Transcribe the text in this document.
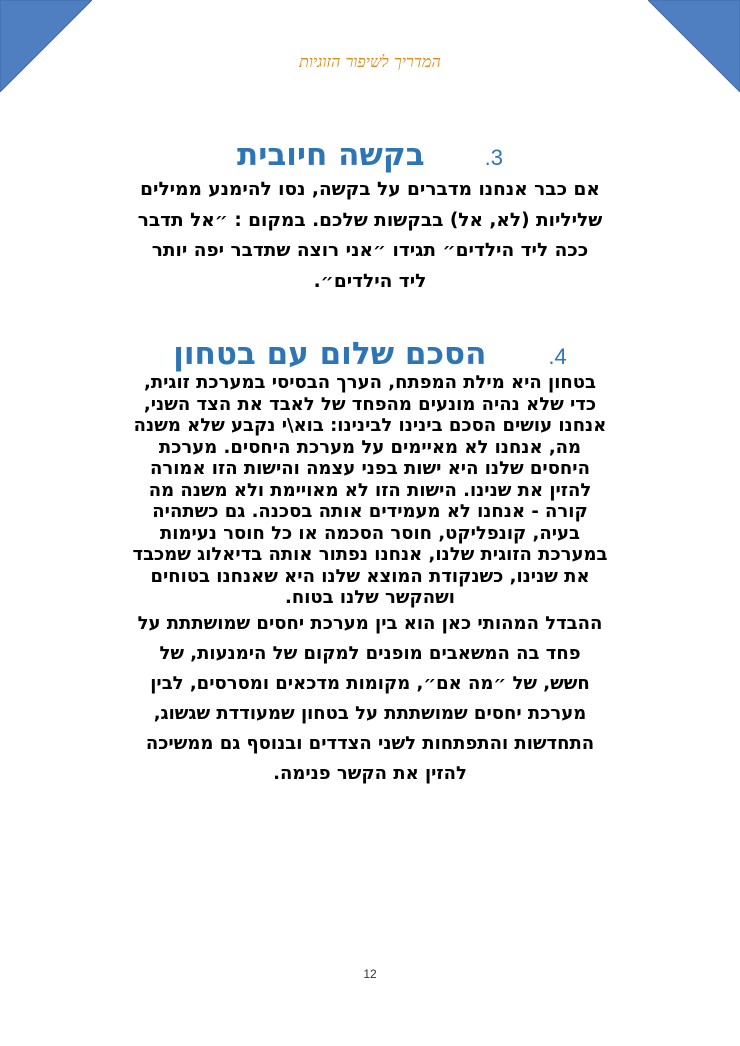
המדריך לשיפור הזוגיות
3.
בקשה חיובית
אם כבר אנחנו מדברים על בקשה, נסו להימנע ממילים שליליות (לא, אל) בבקשות שלכם. במקום : ״אל תדבר ככה ליד הילדים״ תגידו ״אני רוצה שתדבר יפה יותר ליד הילדים״.
4.
הסכם שלום עם בטחון
בטחון היא מילת המפתח, הערך הבסיסי במערכת זוגית, כדי שלא נהיה מונעים מהפחד של לאבד את הצד השני, אנחנו עושים הסכם בינינו לבינינו: בוא\י נקבע שלא משנה מה, אנחנו לא מאיימים על מערכת היחסים. מערכת היחסים שלנו היא ישות בפני עצמה והישות הזו אמורה להזין את שנינו. הישות הזו לא מאויימת ולא משנה מה קורה - אנחנו לא מעמידים אותה בסכנה. גם כשתהיה בעיה, קונפליקט, חוסר הסכמה או כל חוסר נעימות במערכת הזוגית שלנו, אנחנו נפתור אותה בדיאלוג שמכבד את שנינו, כשנקודת המוצא שלנו היא שאנחנו בטוחים ושהקשר שלנו בטוח.
ההבדל המהותי כאן הוא בין מערכת יחסים שמושתתת על פחד בה המשאבים מופנים למקום של הימנעות, של חשש, של ״מה אם״, מקומות מדכאים ומסרסים, לבין מערכת יחסים שמושתתת על בטחון שמעודדת שגשוג, התחדשות והתפתחות לשני הצדדים ובנוסף גם ממשיכה להזין את הקשר פנימה.
12
